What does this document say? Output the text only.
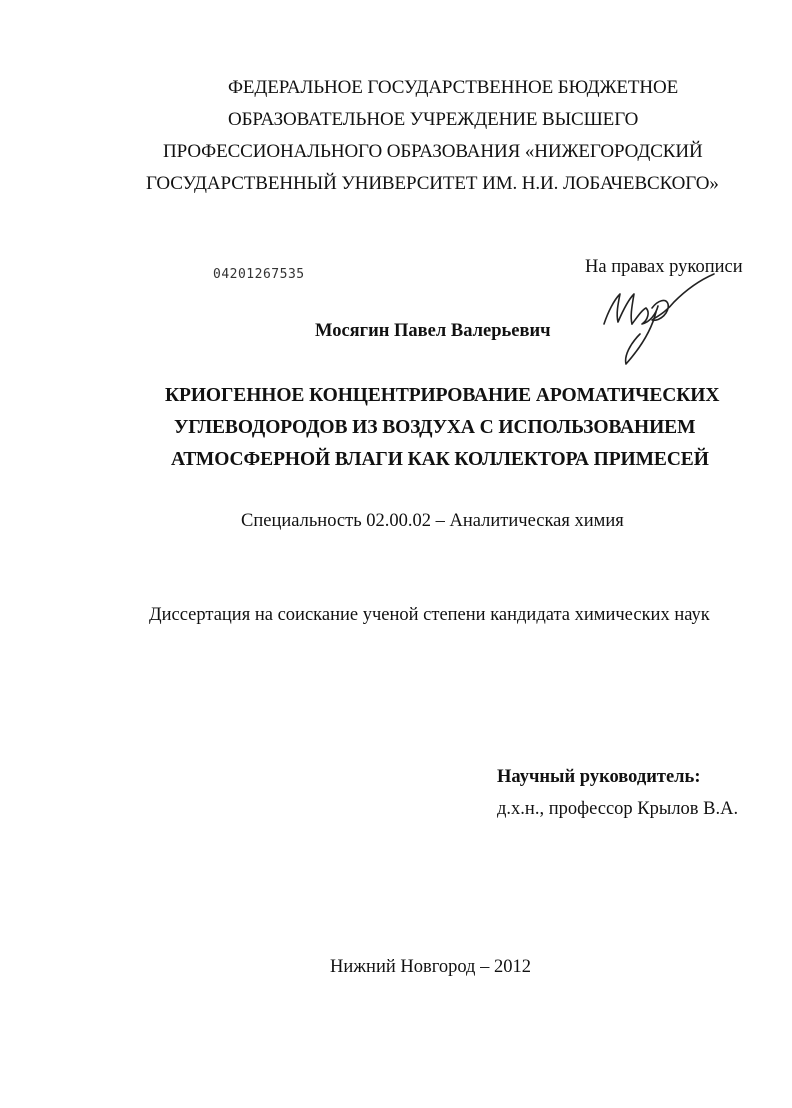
ФЕДЕРАЛЬНОЕ ГОСУДАРСТВЕННОЕ БЮДЖЕТНОЕ
ОБРАЗОВАТЕЛЬНОЕ УЧРЕЖДЕНИЕ ВЫСШЕГО
ПРОФЕССИОНАЛЬНОГО ОБРАЗОВАНИЯ «НИЖЕГОРОДСКИЙ
ГОСУДАРСТВЕННЫЙ УНИВЕРСИТЕТ ИМ. Н.И. ЛОБАЧЕВСКОГО»
04201267535	На правах рукописи
Мосягин Павел Валерьевич
КРИОГЕННОЕ КОНЦЕНТРИРОВАНИЕ АРОМАТИЧЕСКИХ
УГЛЕВОДОРОДОВ ИЗ ВОЗДУХА С ИСПОЛЬЗОВАНИЕМ
АТМОСФЕРНОЙ ВЛАГИ КАК КОЛЛЕКТОРА ПРИМЕСЕЙ
Специальность 02.00.02 – Аналитическая химия
Диссертация на соискание ученой степени кандидата химических наук
Научный руководитель:
д.х.н., профессор Крылов В.А.
Нижний Новгород – 2012
